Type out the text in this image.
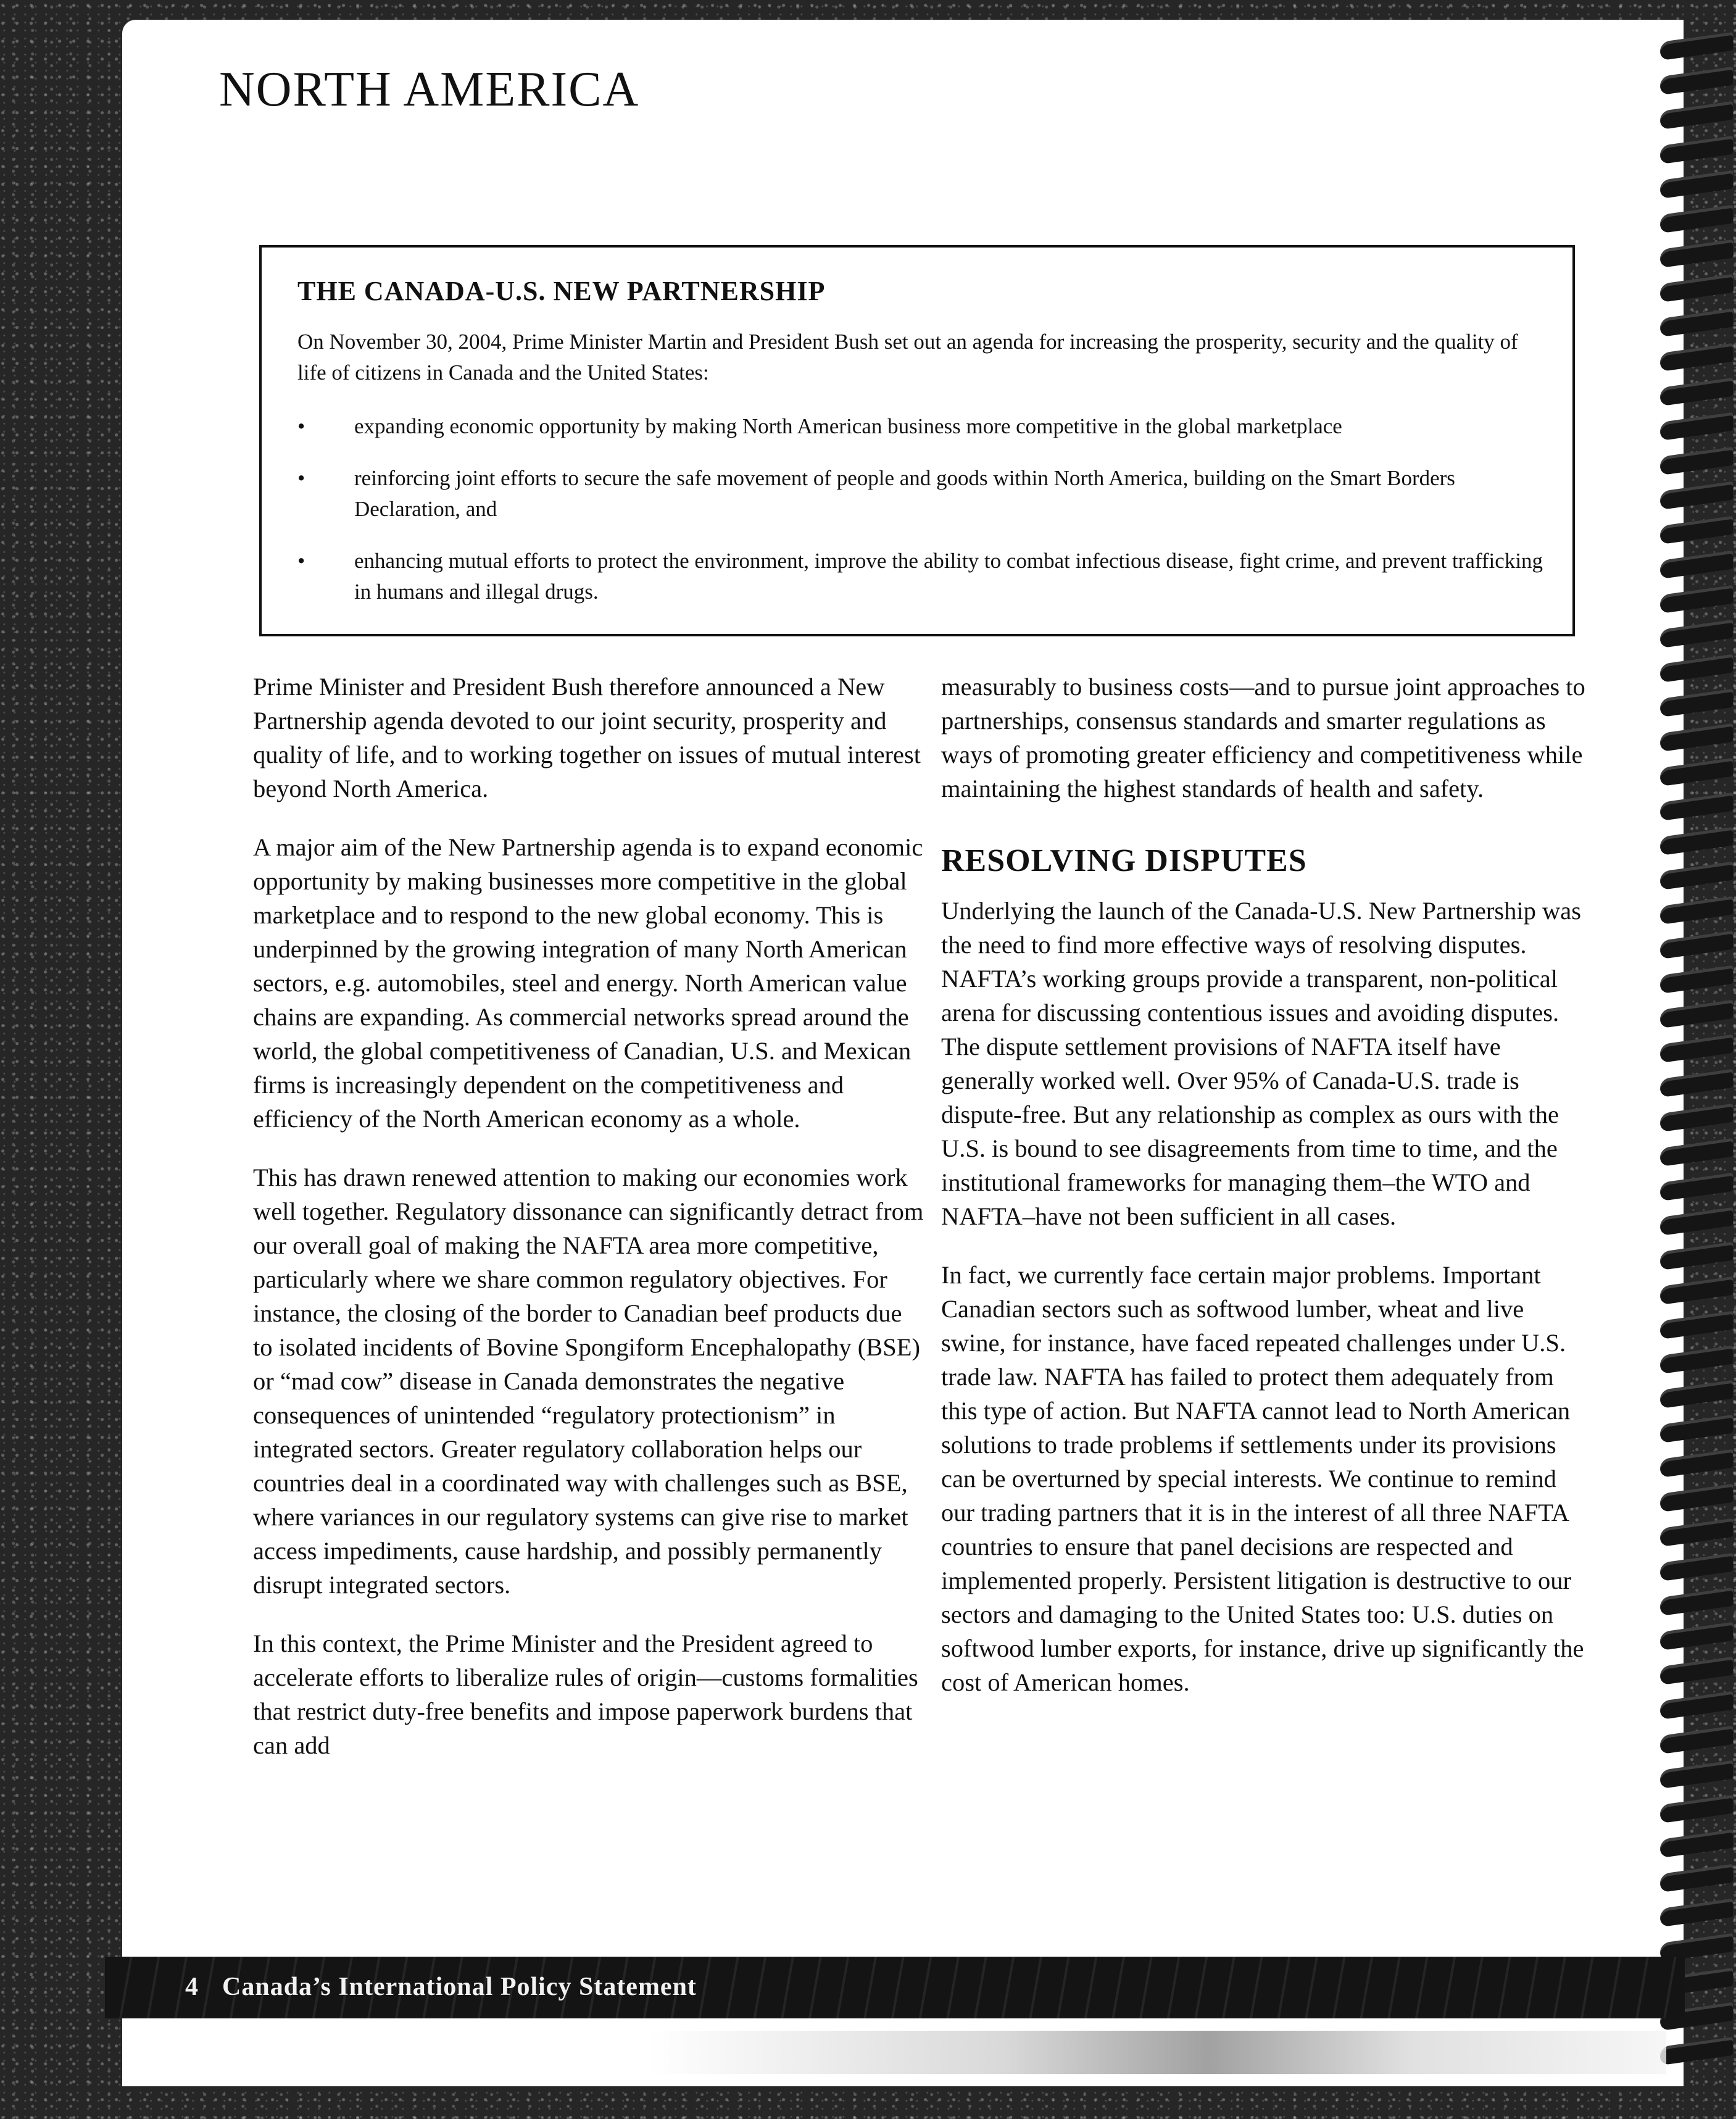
NORTH AMERICA
THE CANADA-U.S. NEW PARTNERSHIP

On November 30, 2004, Prime Minister Martin and President Bush set out an agenda for increasing the prosperity, security and the quality of life of citizens in Canada and the United States:

• expanding economic opportunity by making North American business more competitive in the global marketplace
• reinforcing joint efforts to secure the safe movement of people and goods within North America, building on the Smart Borders Declaration, and
• enhancing mutual efforts to protect the environment, improve the ability to combat infectious disease, fight crime, and prevent trafficking in humans and illegal drugs.

Prime Minister and President Bush therefore announced a New Partnership agenda devoted to our joint security, prosperity and quality of life, and to working together on issues of mutual interest beyond North America.

A major aim of the New Partnership agenda is to expand economic opportunity by making businesses more competitive in the global marketplace and to respond to the new global economy. This is underpinned by the growing integration of many North American sectors, e.g. automobiles, steel and energy. North American value chains are expanding. As commercial networks spread around the world, the global competitiveness of Canadian, U.S. and Mexican firms is increasingly dependent on the competitiveness and efficiency of the North American economy as a whole.

This has drawn renewed attention to making our economies work well together. Regulatory dissonance can significantly detract from our overall goal of making the NAFTA area more competitive, particularly where we share common regulatory objectives. For instance, the closing of the border to Canadian beef products due to isolated incidents of Bovine Spongiform Encephalopathy (BSE) or “mad cow” disease in Canada demonstrates the negative consequences of unintended “regulatory protectionism” in integrated sectors. Greater regulatory collaboration helps our countries deal in a coordinated way with challenges such as BSE, where variances in our regulatory systems can give rise to market access impediments, cause hardship, and possibly permanently disrupt integrated sectors.

In this context, the Prime Minister and the President agreed to accelerate efforts to liberalize rules of origin—customs formalities that restrict duty-free benefits and impose paperwork burdens that can add

measurably to business costs—and to pursue joint approaches to partnerships, consensus standards and smarter regulations as ways of promoting greater efficiency and competitiveness while maintaining the highest standards of health and safety.

RESOLVING DISPUTES

Underlying the launch of the Canada-U.S. New Partnership was the need to find more effective ways of resolving disputes. NAFTA’s working groups provide a transparent, non-political arena for discussing contentious issues and avoiding disputes. The dispute settlement provisions of NAFTA itself have generally worked well. Over 95% of Canada-U.S. trade is dispute-free. But any relationship as complex as ours with the U.S. is bound to see disagreements from time to time, and the institutional frameworks for managing them–the WTO and NAFTA–have not been sufficient in all cases.

In fact, we currently face certain major problems. Important Canadian sectors such as softwood lumber, wheat and live swine, for instance, have faced repeated challenges under U.S. trade law. NAFTA has failed to protect them adequately from this type of action. But NAFTA cannot lead to North American solutions to trade problems if settlements under its provisions can be overturned by special interests. We continue to remind our trading partners that it is in the interest of all three NAFTA countries to ensure that panel decisions are respected and implemented properly. Persistent litigation is destructive to our sectors and damaging to the United States too: U.S. duties on softwood lumber exports, for instance, drive up significantly the cost of American homes.

4 Canada’s International Policy Statement
